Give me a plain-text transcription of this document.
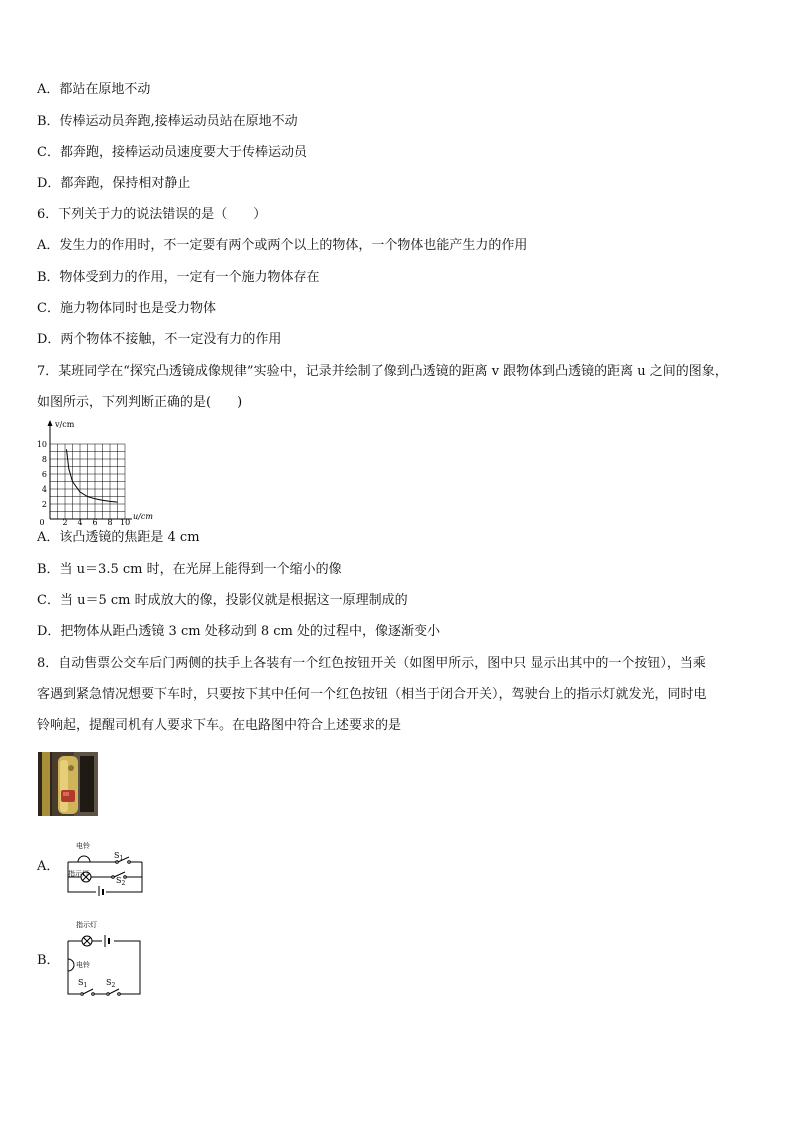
A．都站在原地不动
B．传棒运动员奔跑,接棒运动员站在原地不动
C．都奔跑，接棒运动员速度要大于传棒运动员
D．都奔跑，保持相对静止
6．下列关于力的说法错误的是（　　）
A．发生力的作用时，不一定要有两个或两个以上的物体，一个物体也能产生力的作用
B．物体受到力的作用，一定有一个施力物体存在
C．施力物体同时也是受力物体
D．两个物体不接触，不一定没有力的作用
7．某班同学在“探究凸透镜成像规律”实验中，记录并绘制了像到凸透镜的距离 v 跟物体到凸透镜的距离 u 之间的图象，
如图所示，下列判断正确的是(　　)
v/cm
u/cm
0 2 4 6 8 10
2
4
6
8
10
A．该凸透镜的焦距是 4 cm
B．当 u＝3.5 cm 时，在光屏上能得到一个缩小的像
C．当 u＝5 cm 时成放大的像，投影仪就是根据这一原理制成的
D．把物体从距凸透镜 3 cm 处移动到 8 cm 处的过程中，像逐渐变小
8．自动售票公交车后门两侧的扶手上各装有一个红色按钮开关（如图甲所示，图中只 显示出其中的一个按钮），当乘
客遇到紧急情况想要下车时，只要按下其中任何一个红色按钮（相当于闭合开关），驾驶台上的指示灯就发光，同时电
铃响起，提醒司机有人要求下车。在电路图中符合上述要求的是
A．
电铃
指示灯
$S_1$
$S_2$
B．
指示灯
电铃
$S_1$ $S_2$
